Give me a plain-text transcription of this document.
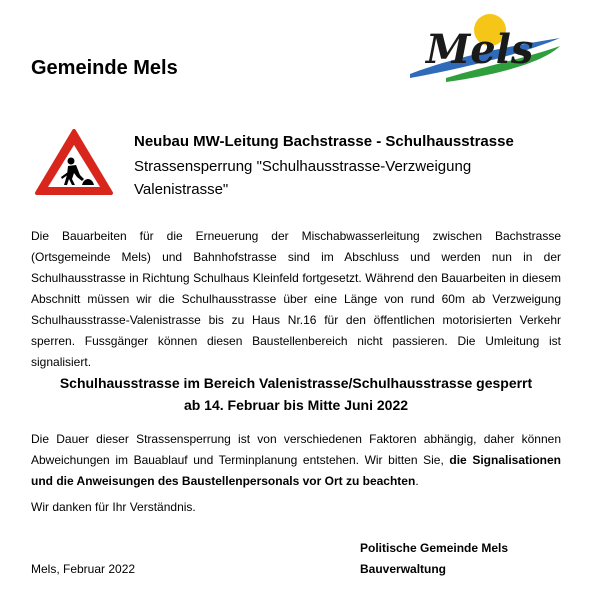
Gemeinde Mels	Mels
Neubau MW-Leitung Bachstrasse - Schulhausstrasse
Strassensperrung "Schulhausstrasse-Verzweigung Valenistrasse"
Die Bauarbeiten für die Erneuerung der Mischabwasserleitung zwischen Bachstrasse (Ortsgemeinde Mels) und Bahnhofstrasse sind im Abschluss und werden nun in der Schulhausstrasse in Richtung Schulhaus Kleinfeld fortgesetzt. Während den Bauarbeiten in diesem Abschnitt müssen wir die Schulhausstrasse über eine Länge von rund 60m ab Verzweigung Schulhausstrasse-Valenistrasse bis zu Haus Nr.16 für den öffentlichen motorisierten Verkehr sperren. Fussgänger können diesen Baustellenbereich nicht passieren. Die Umleitung ist signalisiert.
Schulhausstrasse im Bereich Valenistrasse/Schulhausstrasse gesperrt
ab 14. Februar bis Mitte Juni 2022
Die Dauer dieser Strassensperrung ist von verschiedenen Faktoren abhängig, daher können Abweichungen im Bauablauf und Terminplanung entstehen. Wir bitten Sie, die Signalisationen und die Anweisungen des Baustellenpersonals vor Ort zu beachten.
Wir danken für Ihr Verständnis.
Politische Gemeinde Mels
Mels, Februar 2022	Bauverwaltung
